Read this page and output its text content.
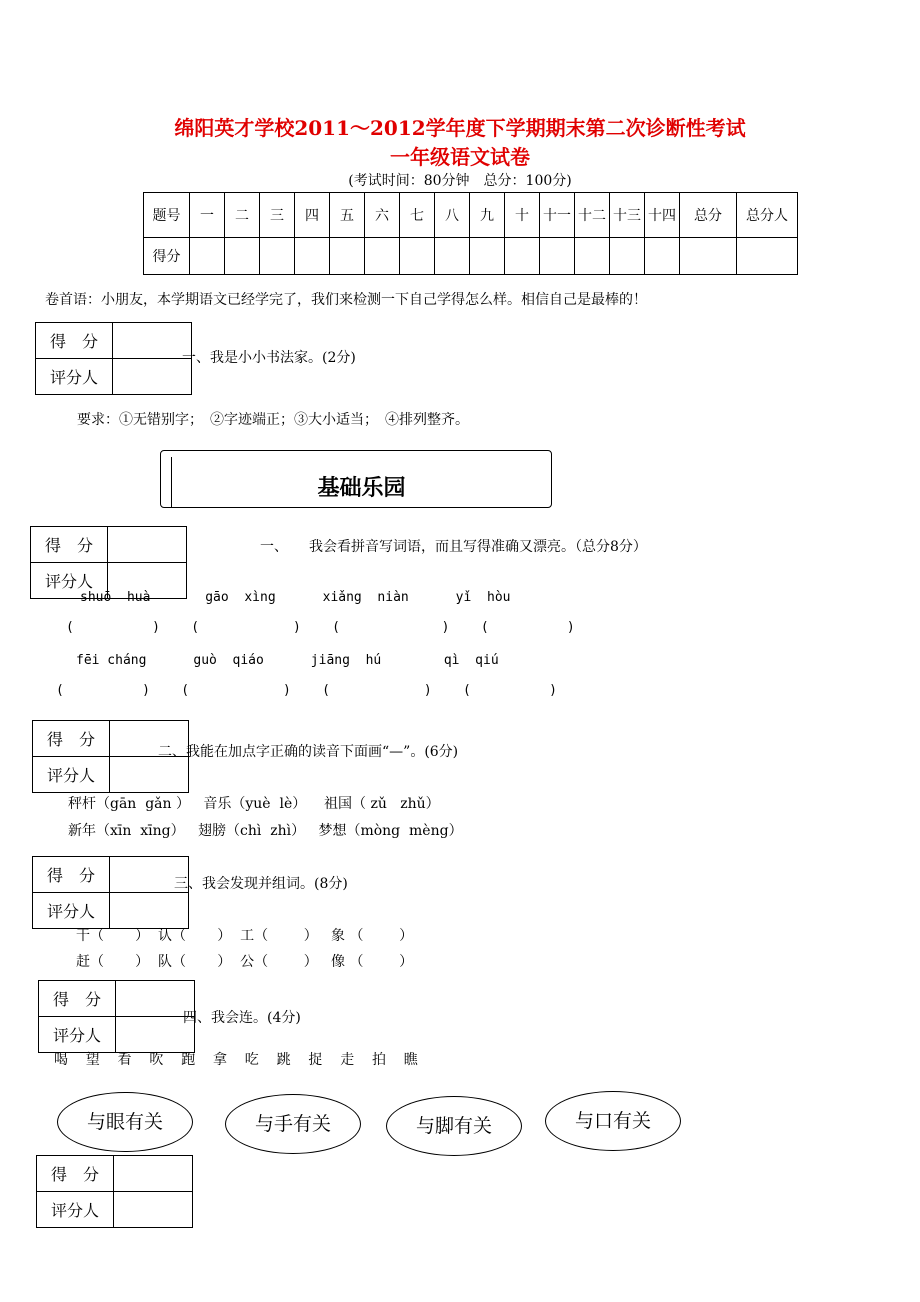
绵阳英才学校2011～2012学年度下学期期末第二次诊断性考试
一年级语文试卷
(考试时间：80分钟　总分：100分)
题号	一	二	三	四	五	六	七	八	九	十	十一	十二	十三	十四	总分	总分人
得分																
卷首语：小朋友，本学期语文已经学完了，我们来检测一下自己学得怎么样。相信自己是最棒的！
一、我是小小书法家。(2分)
要求：①无错别字；　②字迹端正；③大小适当；　④排列整齐。
基础乐园
一、　　我会看拼音写词语，而且写得准确又漂亮。（总分8分）
shuō  huà       gāo  xìng      xiǎng  niàn      yǐ  hòu
(          )    (            )    (             )    (          )
fēi cháng      guò  qiáo      jiāng  hú        qì  qiú
(          )    (            )    (            )    (          )
二、我能在加点字正确的读音下面画“—”。(6分)
秤杆（gān  gǎn ）   音乐（yuè  lè）    祖国（ zǔ   zhǔ）
新年（xīn  xīng）   翅膀（chì  zhì）   梦想（mòng  mèng）
三、我会发现并组词。(8分)
干（       ）  认（       ）  工（        ）   象 （        ）
赶（       ）  队（       ）  公（        ）   像 （        ）
四、我会连。(4分)
喝    望    看    吹    跑    拿    吃    跳    捉    走    拍    瞧
与眼有关	与手有关	与脚有关	与口有关
得　分	
评分人	
得　分	
评分人	
得　分	
评分人	
得　分	
评分人	
得　分	
评分人	
得　分	
评分人	
